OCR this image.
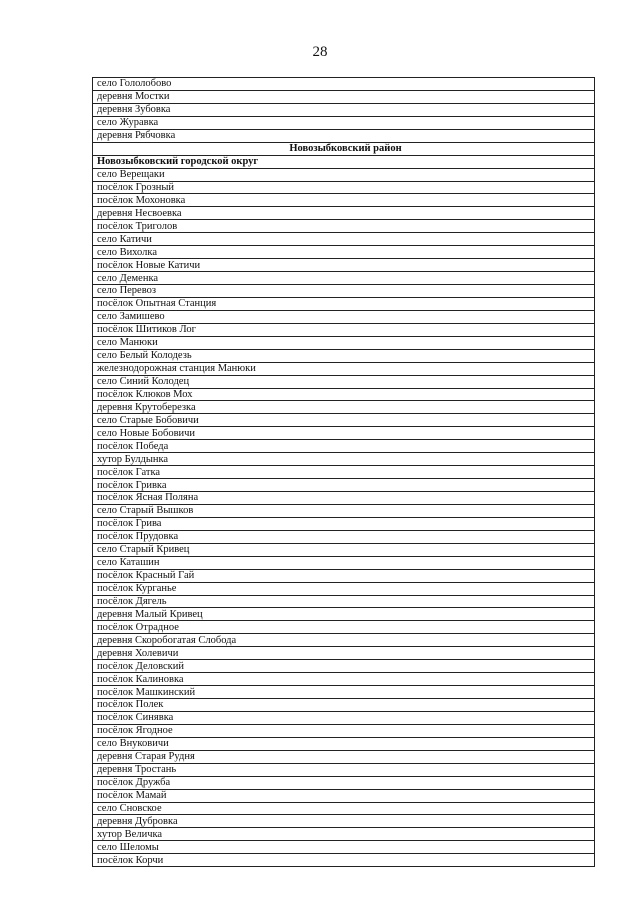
28
село Гололобово
деревня Мостки
деревня Зубовка
село Журавка
деревня Рябчовка
Новозыбковский район
Новозыбковский городской округ
село Верещаки
посёлок Грозный
посёлок Мохоновка
деревня Несвоевка
посёлок Триголов
село Катичи
село Вихолка
посёлок Новые Катичи
село Деменка
село Перевоз
посёлок Опытная Станция
село Замишево
посёлок Шитиков Лог
село Манюки
село Белый Колодезь
железнодорожная станция Манюки
село Синий Колодец
посёлок Клюков Мох
деревня Крутоберезка
село Старые Бобовичи
село Новые Бобовичи
посёлок Победа
хутор Булдынка
посёлок Гатка
посёлок Гривка
посёлок Ясная Поляна
село Старый Вышков
посёлок Грива
посёлок Прудовка
село Старый Кривец
село Каташин
посёлок Красный Гай
посёлок Курганье
посёлок Дягель
деревня Малый Кривец
посёлок Отрадное
деревня Скоробогатая Слобода
деревня Холевичи
посёлок Деловский
посёлок Калиновка
посёлок Машкинский
посёлок Полек
посёлок Синявка
посёлок Ягодное
село Внуковичи
деревня Старая Рудня
деревня Тростань
посёлок Дружба
посёлок Мамай
село Сновское
деревня Дубровка
хутор Величка
село Шеломы
посёлок Корчи
